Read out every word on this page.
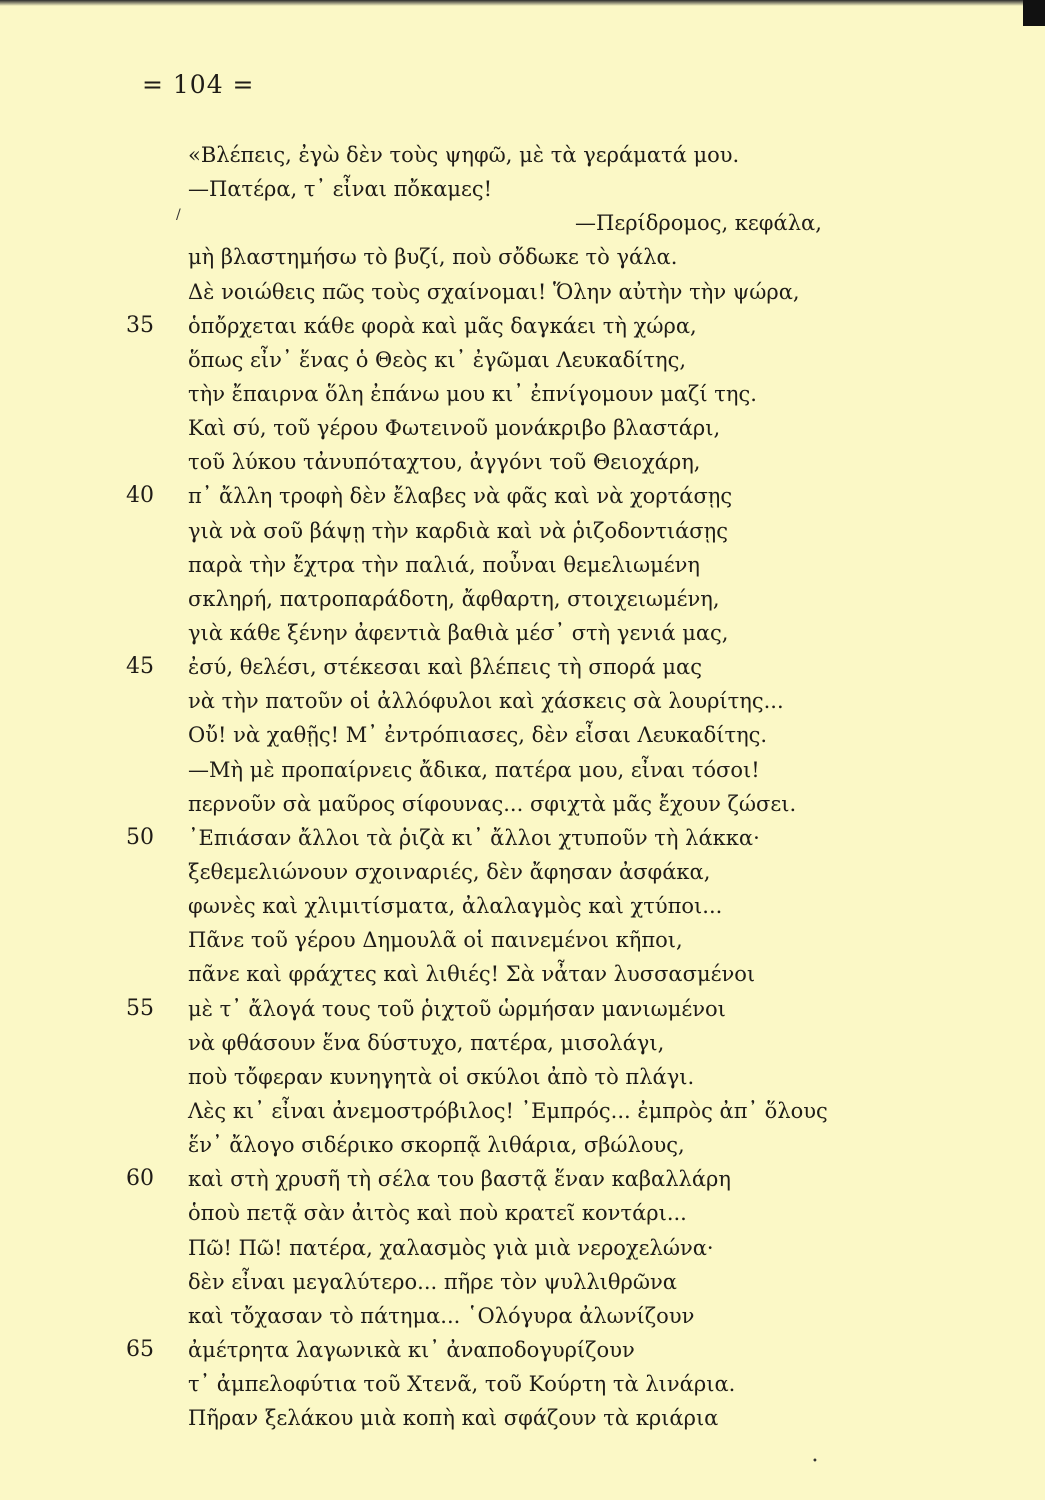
= 104 =
«Βλέπεις, ἐγὼ δὲν τοὺς ψηφῶ, μὲ τὰ γεράματά μου.
—Πατέρα, τ᾿ εἶναι πὄκαμες!
—Περίδρομος, κεφάλα,
μὴ βλαστημήσω τὸ βυζί, ποὺ σὄδωκε τὸ γάλα.
Δὲ νοιώθεις πῶς τοὺς σχαίνομαι! Ὅλην αὐτὴν τὴν ψώρα,
35	ὁπὄρχεται κάθε φορὰ καὶ μᾶς δαγκάει τὴ χώρα,
ὅπως εἶν᾿ ἕνας ὁ Θεὸς κι᾿ ἐγῶμαι Λευκαδίτης,
τὴν ἔπαιρνα ὅλη ἐπάνω μου κι᾿ ἐπνίγομουν μαζί της.
Καὶ σύ, τοῦ γέρου Φωτεινοῦ μονάκριβο βλαστάρι,
τοῦ λύκου τἀνυπόταχτου, ἀγγόνι τοῦ Θειοχάρη,
40	π᾿ ἄλλη τροφὴ δὲν ἔλαβες νὰ φᾶς καὶ νὰ χορτάσῃς
γιὰ νὰ σοῦ βάψῃ τὴν καρδιὰ καὶ νὰ ῥιζοδοντιάσῃς
παρὰ τὴν ἔχτρα τὴν παλιά, ποὖναι θεμελιωμένη
σκληρή, πατροπαράδοτη, ἄφθαρτη, στοιχειωμένη,
γιὰ κάθε ξένην ἀφεντιὰ βαθιὰ μέσ᾿ στὴ γενιά μας,
45	ἐσύ, θελέσι, στέκεσαι καὶ βλέπεις τὴ σπορά μας
νὰ τὴν πατοῦν οἱ ἀλλόφυλοι καὶ χάσκεις σὰ λουρίτης...
Οὔ! νὰ χαθῇς! Μ᾿ ἐντρόπιασες, δὲν εἶσαι Λευκαδίτης.
—Μὴ μὲ προπαίρνεις ἄδικα, πατέρα μου, εἶναι τόσοι!
περνοῦν σὰ μαῦρος σίφουνας... σφιχτὰ μᾶς ἔχουν ζώσει.
50	᾿Επιάσαν ἄλλοι τὰ ῥιζὰ κι᾿ ἄλλοι χτυποῦν τὴ λάκκα·
ξεθεμελιώνουν σχοιναριές, δὲν ἄφησαν ἀσφάκα,
φωνὲς καὶ χλιμιτίσματα, ἀλαλαγμὸς καὶ χτύποι...
Πᾶνε τοῦ γέρου Δημουλᾶ οἱ παινεμένοι κῆποι,
πᾶνε καὶ φράχτες καὶ λιθιές! Σὰ νἆταν λυσσασμένοι
55	μὲ τ᾿ ἄλογά τους τοῦ ῥιχτοῦ ὡρμήσαν μανιωμένοι
νὰ φθάσουν ἕνα δύστυχο, πατέρα, μισολάγι,
ποὺ τὄφεραν κυνηγητὰ οἱ σκύλοι ἀπὸ τὸ πλάγι.
Λὲς κι᾿ εἶναι ἀνεμοστρόβιλος! ᾿Εμπρός... ἐμπρὸς ἀπ᾿ ὅλους
ἕν᾿ ἄλογο σιδέρικο σκορπᾷ λιθάρια, σβώλους,
60	καὶ στὴ χρυσῆ τὴ σέλα του βαστᾷ ἕναν καβαλλάρη
ὁποὺ πετᾷ σὰν ἀιτὸς καὶ ποὺ κρατεῖ κοντάρι...
Πῶ! Πῶ! πατέρα, χαλασμὸς γιὰ μιὰ νεροχελώνα·
δὲν εἶναι μεγαλύτερο... πῆρε τὸν ψυλλιθρῶνα
καὶ τὄχασαν τὸ πάτημα... ῾Ολόγυρα ἀλωνίζουν
65	ἀμέτρητα λαγωνικὰ κι᾿ ἀναποδογυρίζουν
τ᾿ ἀμπελοφύτια τοῦ Χτενᾶ, τοῦ Κούρτη τὰ λινάρια.
Πῆραν ξελάκου μιὰ κοπὴ καὶ σφάζουν τὰ κριάρια
/
•
